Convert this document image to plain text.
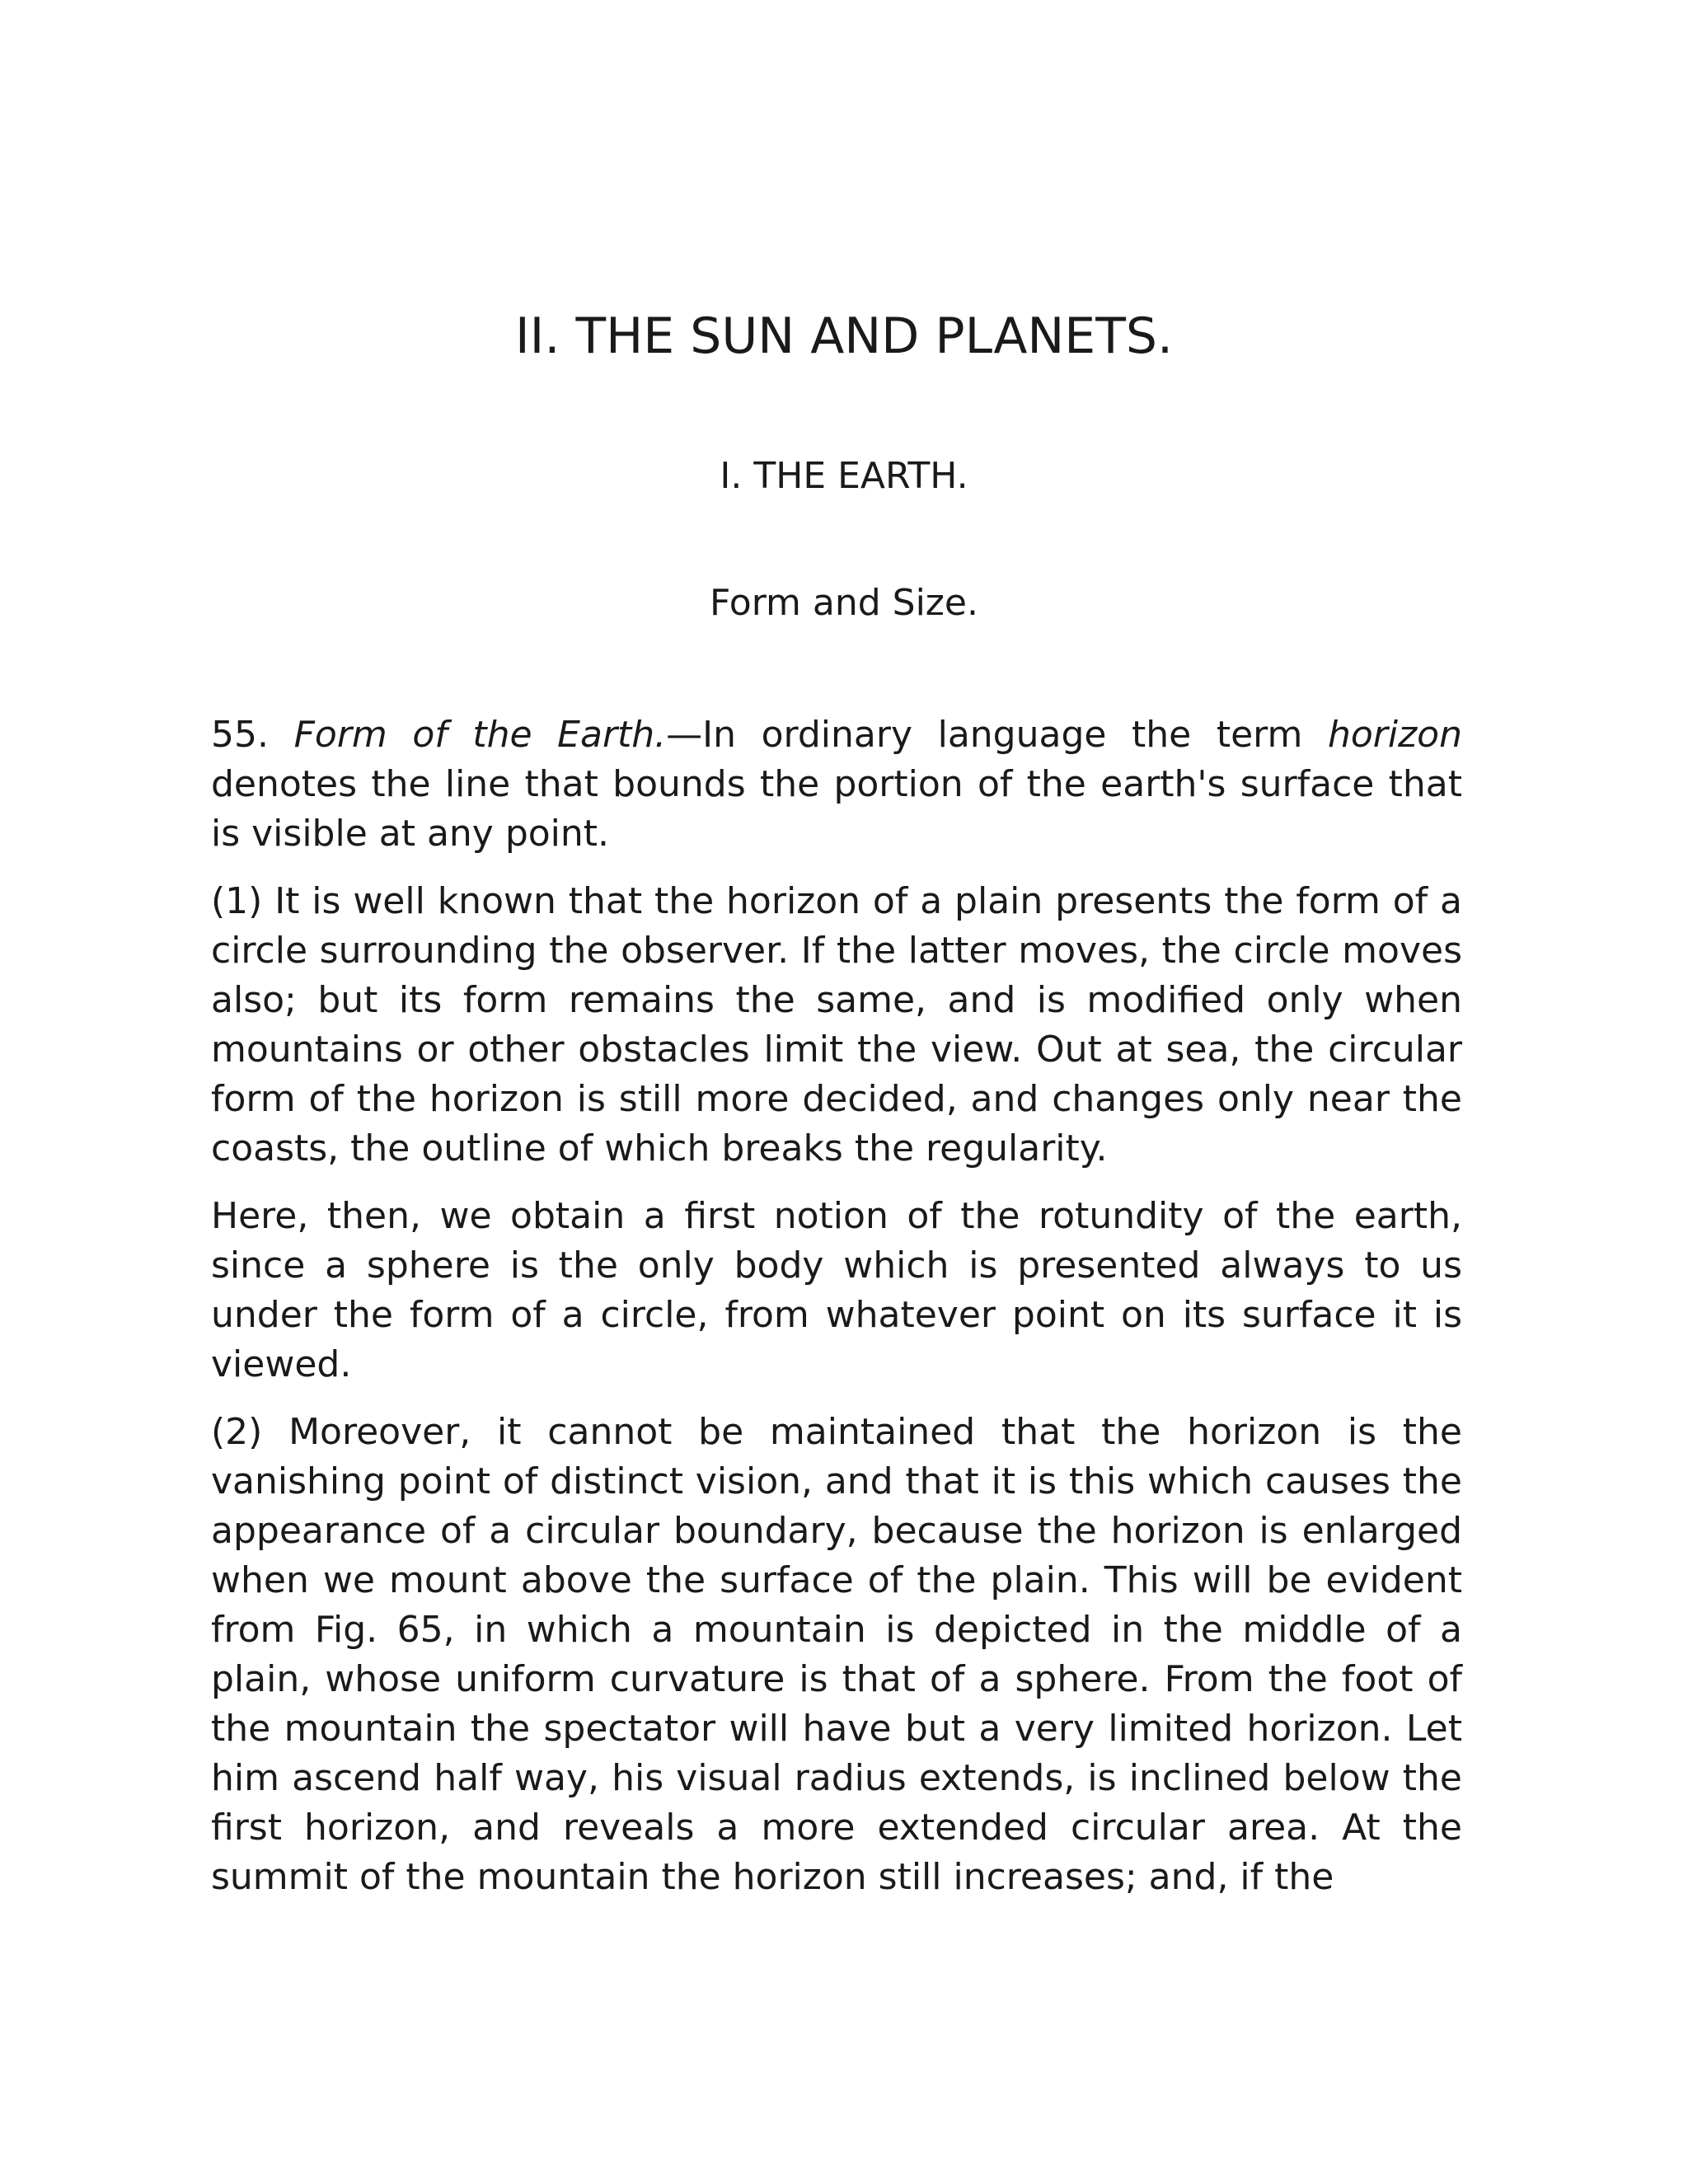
II. THE SUN AND PLANETS.
I. THE EARTH.
Form and Size.

55. Form of the Earth.—In ordinary language the term horizon denotes the line that bounds the portion of the earth's surface that is visible at any point.

(1) It is well known that the horizon of a plain presents the form of a circle surrounding the observer. If the latter moves, the circle moves also; but its form remains the same, and is modified only when mountains or other obstacles limit the view. Out at sea, the circular form of the horizon is still more decided, and changes only near the coasts, the outline of which breaks the regularity.

Here, then, we obtain a first notion of the rotundity of the earth, since a sphere is the only body which is presented always to us under the form of a circle, from whatever point on its surface it is viewed.

(2) Moreover, it cannot be maintained that the horizon is the vanishing point of distinct vision, and that it is this which causes the appearance of a circular boundary, because the horizon is enlarged when we mount above the surface of the plain. This will be evident from Fig. 65, in which a mountain is depicted in the middle of a plain, whose uniform curvature is that of a sphere. From the foot of the mountain the spectator will have but a very limited horizon. Let him ascend half way, his visual radius extends, is inclined below the first horizon, and reveals a more extended circular area. At the summit of the mountain the horizon still increases; and, if the
